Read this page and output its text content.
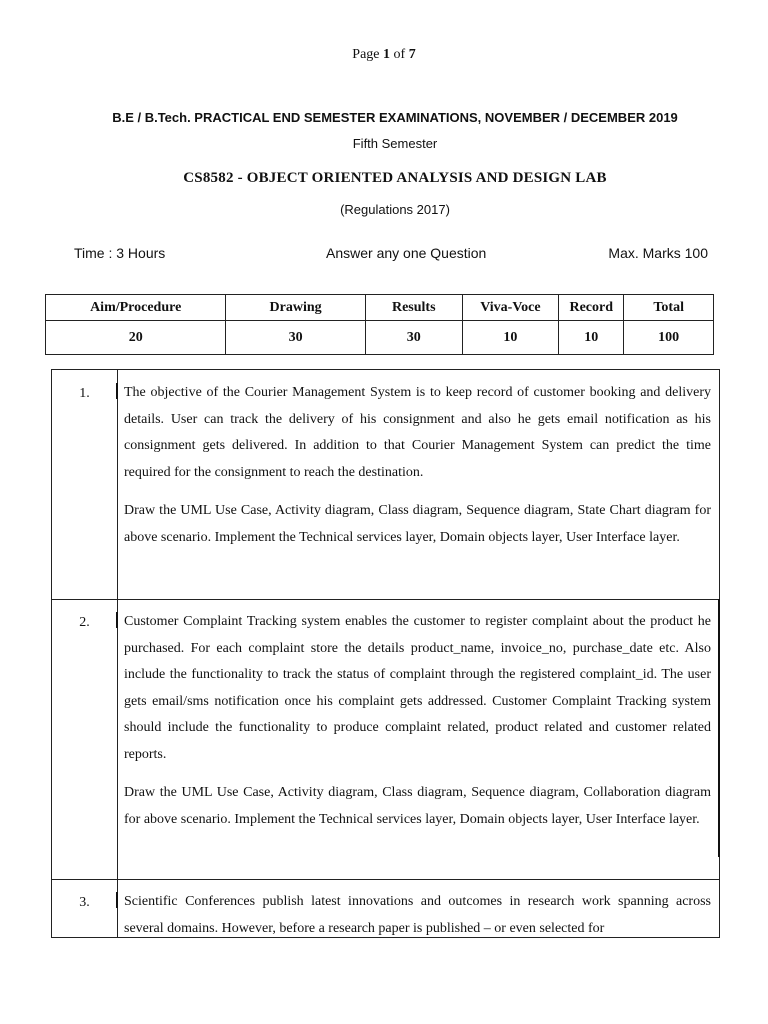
Page 1 of 7
B.E / B.Tech. PRACTICAL END SEMESTER EXAMINATIONS, NOVEMBER / DECEMBER 2019
Fifth Semester
CS8582 - OBJECT ORIENTED ANALYSIS AND DESIGN LAB
(Regulations 2017)
Time : 3 Hours	Answer any one Question	Max. Marks 100
Aim/Procedure	Drawing	Results	Viva-Voce	Record	Total
20	30	30	10	10	100
1.	The objective of the Courier Management System is to keep record of customer booking and delivery details. User can track the delivery of his consignment and also he gets email notification as his consignment gets delivered. In addition to that Courier Management System can predict the time required for the consignment to reach the destination.

Draw the UML Use Case, Activity diagram, Class diagram, Sequence diagram, State Chart diagram for above scenario. Implement the Technical services layer, Domain objects layer, User Interface layer.

2.	Customer Complaint Tracking system enables the customer to register complaint about the product he purchased. For each complaint store the details product_name, invoice_no, purchase_date etc. Also include the functionality to track the status of complaint through the registered complaint_id. The user gets email/sms notification once his complaint gets addressed. Customer Complaint Tracking system should include the functionality to produce complaint related, product related and customer related reports.

Draw the UML Use Case, Activity diagram, Class diagram, Sequence diagram, Collaboration diagram for above scenario. Implement the Technical services layer, Domain objects layer, User Interface layer.

3.	Scientific Conferences publish latest innovations and outcomes in research work spanning across several domains. However, before a research paper is published – or even selected for
